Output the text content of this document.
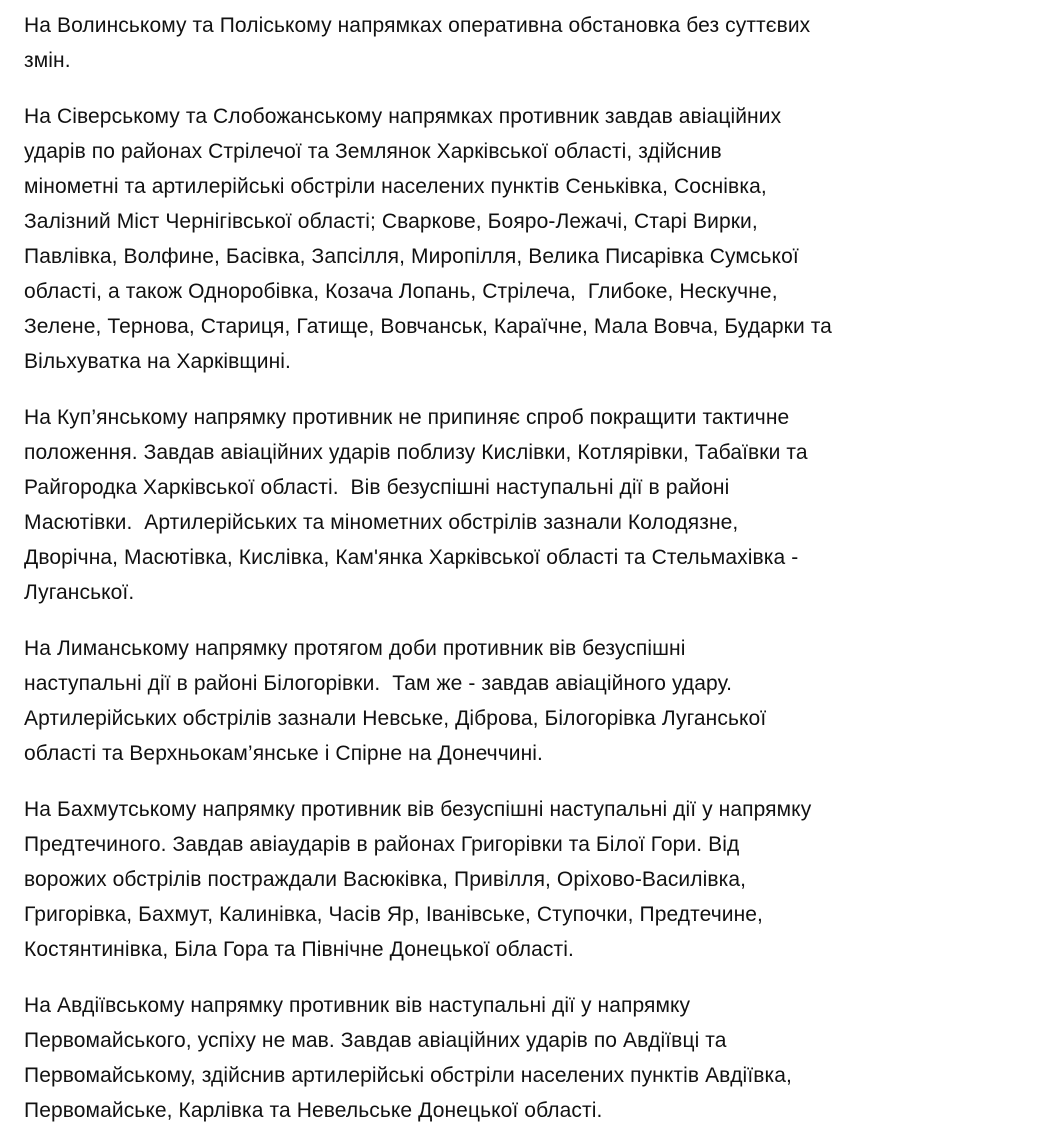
На Волинському та Поліському напрямках оперативна обстановка без суттєвих
змін.
На Сіверському та Слобожанському напрямках противник завдав авіаційних
ударів по районах Стрілечої та Землянок Харківської області, здійснив
мінометні та артилерійські обстріли населених пунктів Сеньківка, Соснівка,
Залізний Міст Чернігівської області; Сваркове, Бояро-Лежачі, Старі Вирки,
Павлівка, Волфине, Басівка, Запсілля, Миропілля, Велика Писарівка Сумської
області, а також Одноробівка, Козача Лопань, Стрілеча,  Глибоке, Нескучне,
Зелене, Тернова, Стариця, Гатище, Вовчанськ, Караїчне, Мала Вовча, Бударки та
Вільхуватка на Харківщині.
На Куп’янському напрямку противник не припиняє спроб покращити тактичне
положення. Завдав авіаційних ударів поблизу Кислівки, Котлярівки, Табаївки та
Райгородка Харківської області.  Вів безуспішні наступальні дії в районі
Масютівки.  Артилерійських та мінометних обстрілів зазнали Колодязне,
Дворічна, Масютівка, Кислівка, Кам'янка Харківської області та Стельмахівка -
Луганської.
На Лиманському напрямку протягом доби противник вів безуспішні
наступальні дії в районі Білогорівки.  Там же - завдав авіаційного удару.
Артилерійських обстрілів зазнали Невське, Діброва, Білогорівка Луганської
області та Верхньокам’янське і Спірне на Донеччині.
На Бахмутському напрямку противник вів безуспішні наступальні дії у напрямку
Предтечиного. Завдав авіаударів в районах Григорівки та Білої Гори. Від
ворожих обстрілів постраждали Васюківка, Привілля, Оріхово-Василівка,
Григорівка, Бахмут, Калинівка, Часів Яр, Іванівське, Ступочки, Предтечине,
Костянтинівка, Біла Гора та Північне Донецької області.
На Авдіївському напрямку противник вів наступальні дії у напрямку
Первомайського, успіху не мав. Завдав авіаційних ударів по Авдіївці та
Первомайському, здійснив артилерійські обстріли населених пунктів Авдіївка,
Первомайське, Карлівка та Невельське Донецької області.
